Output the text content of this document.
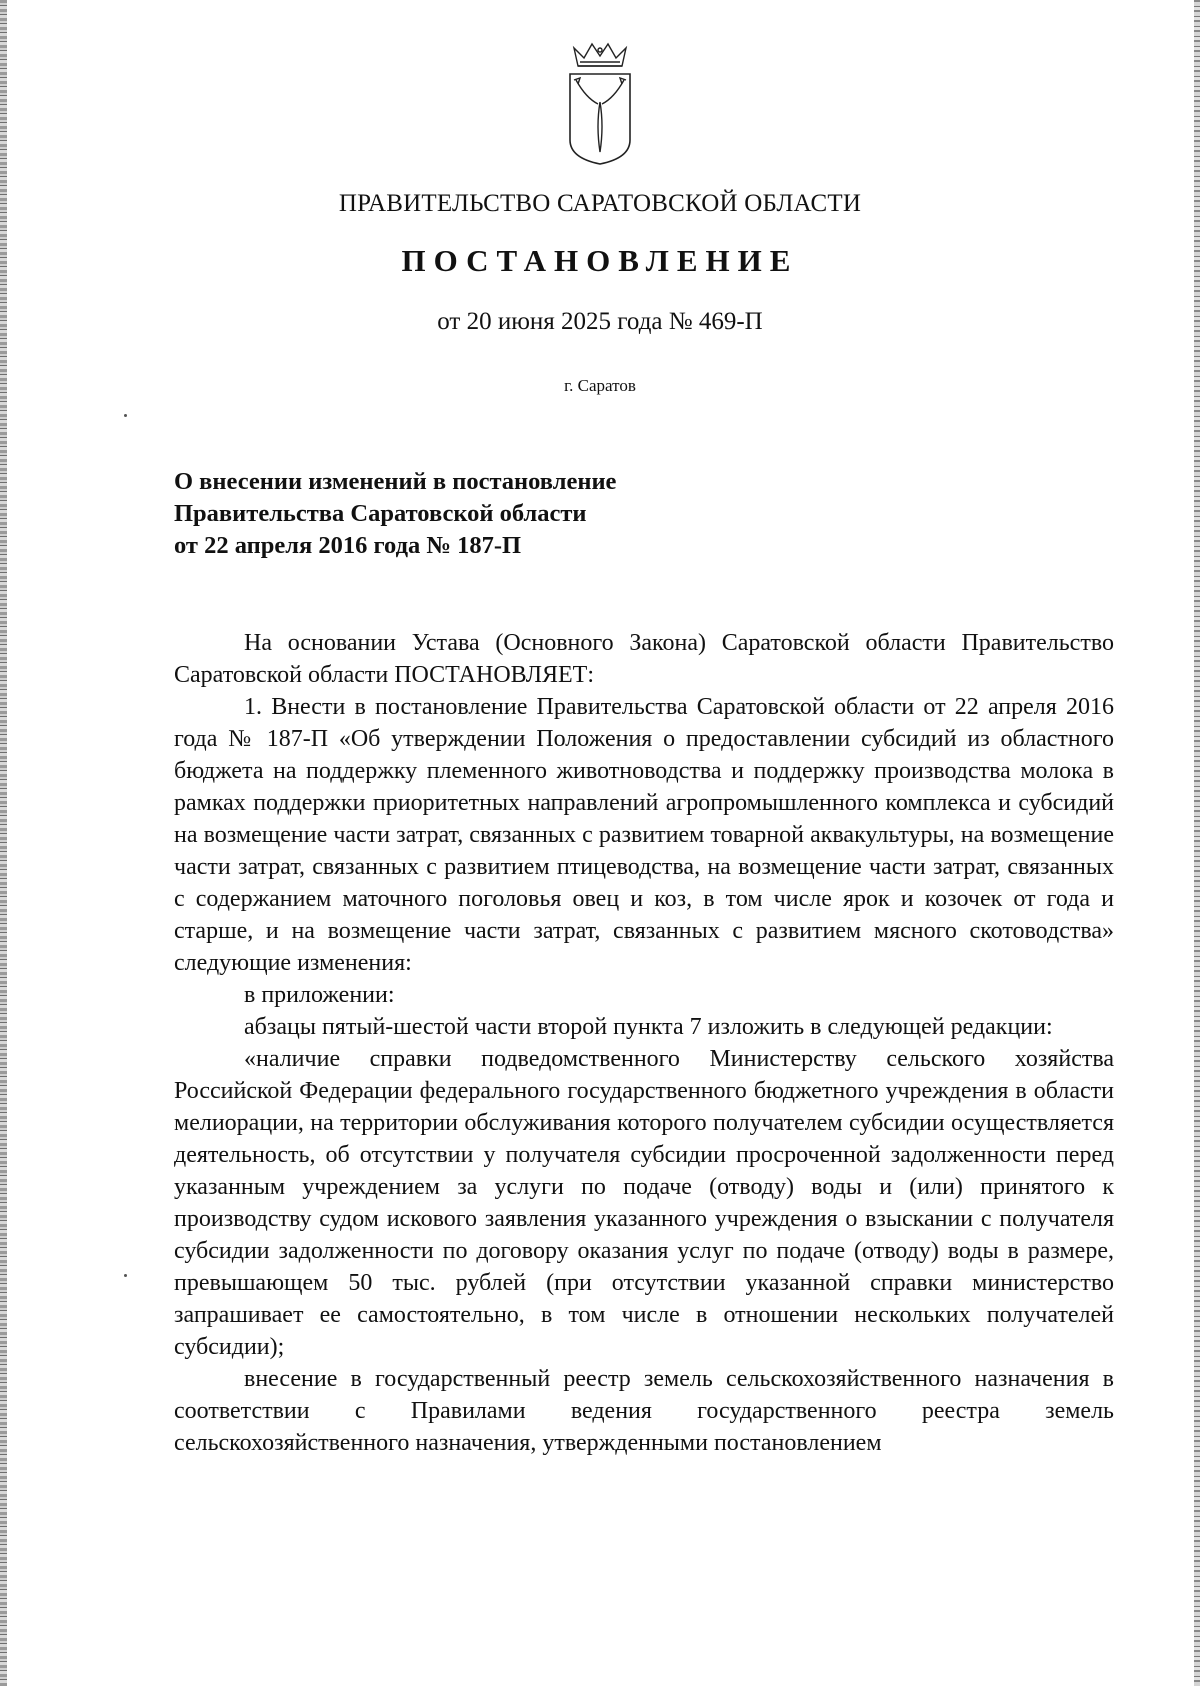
ПРАВИТЕЛЬСТВО САРАТОВСКОЙ ОБЛАСТИ
ПОСТАНОВЛЕНИЕ
от 20 июня 2025 года № 469-П
г. Саратов
О внесении изменений в постановление
Правительства Саратовской области
от 22 апреля 2016 года № 187-П

На основании Устава (Основного Закона) Саратовской области Правительство Саратовской области ПОСТАНОВЛЯЕТ:

1. Внести в постановление Правительства Саратовской области от 22 апреля 2016 года № 187-П «Об утверждении Положения о предоставлении субсидий из областного бюджета на поддержку племенного животноводства и поддержку производства молока в рамках поддержки приоритетных направлений агропромышленного комплекса и субсидий на возмещение части затрат, связанных с развитием товарной аквакультуры, на возмещение части затрат, связанных с развитием птицеводства, на возмещение части затрат, связанных с содержанием маточного поголовья овец и коз, в том числе ярок и козочек от года и старше, и на возмещение части затрат, связанных с развитием мясного скотоводства» следующие изменения:

в приложении:

абзацы пятый-шестой части второй пункта 7 изложить в следующей редакции:

«наличие справки подведомственного Министерству сельского хозяйства Российской Федерации федерального государственного бюджетного учреждения в области мелиорации, на территории обслуживания которого получателем субсидии осуществляется деятельность, об отсутствии у получателя субсидии просроченной задолженности перед указанным учреждением за услуги по подаче (отводу) воды и (или) принятого к производству судом искового заявления указанного учреждения о взыскании с получателя субсидии задолженности по договору оказания услуг по подаче (отводу) воды в размере, превышающем 50 тыс. рублей (при отсутствии указанной справки министерство запрашивает ее самостоятельно, в том числе в отношении нескольких получателей субсидии);

внесение в государственный реестр земель сельскохозяйственного назначения в соответствии с Правилами ведения государственного реестра земель сельскохозяйственного назначения, утвержденными постановлением
